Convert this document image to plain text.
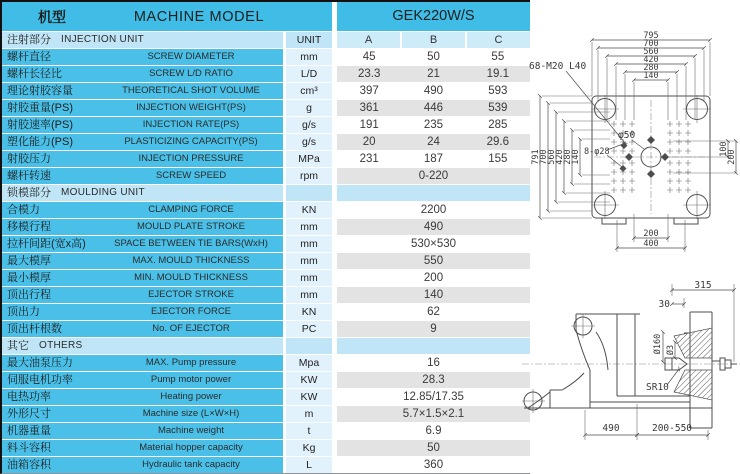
机型	MACHINE MODEL	GEK220W/S
注射部分 INJECTION UNIT	UNIT	A	B	C
螺杆直径	SCREW DIAMETER	mm	45	50	55
螺杆长径比	SCREW L/D RATIO	L/D	23.3	21	19.1
理论射胶容量	THEORETICAL SHOT VOLUME	cm³	397	490	593
射胶重量(PS)	INJECTION WEIGHT(PS)	g	361	446	539
射胶速率(PS)	INJECTION RATE(PS)	g/s	191	235	285
塑化能力(PS)	PLASTICIZING CAPACITY(PS)	g/s	20	24	29.6
射胶压力	INJECTION PRESSURE	MPa	231	187	155
螺杆转速	SCREW SPEED	rpm	0-220
锁模部分 MOULDING UNIT
合模力	CLAMPING FORCE	KN	2200
移模行程	MOULD PLATE STROKE	mm	490
拉杆间距(宽x高)	SPACE BETWEEN TIE BARS(WxH)	mm	530×530
最大模厚	MAX. MOULD THICKNESS	mm	550
最小模厚	MIN. MOULD THICKNESS	mm	200
顶出行程	EJECTOR STROKE	mm	140
顶出力	EJECTOR FORCE	KN	62
顶出杆根数	No. OF EJECTOR	PC	9
其它 OTHERS
最大油泵压力	MAX. Pump pressure	Mpa	16
伺服电机功率	Pump motor power	KW	28.3
电热功率	Heating power	KW	12.85/17.35
外形尺寸	Machine size (L×W×H)	m	5.7×1.5×2.1
机器重量	Machine weight	t	6.9
料斗容积	Material hopper capacity	Kg	50
油箱容积	Hydraulic tank capacity	L	360
795
700
560
420
280
140
791
700
560
420
280
140
100
200
200
400
68-M20 L40
8-φ28
φ50
315
30
Ø160 Ø3
SR10
490	200-550
